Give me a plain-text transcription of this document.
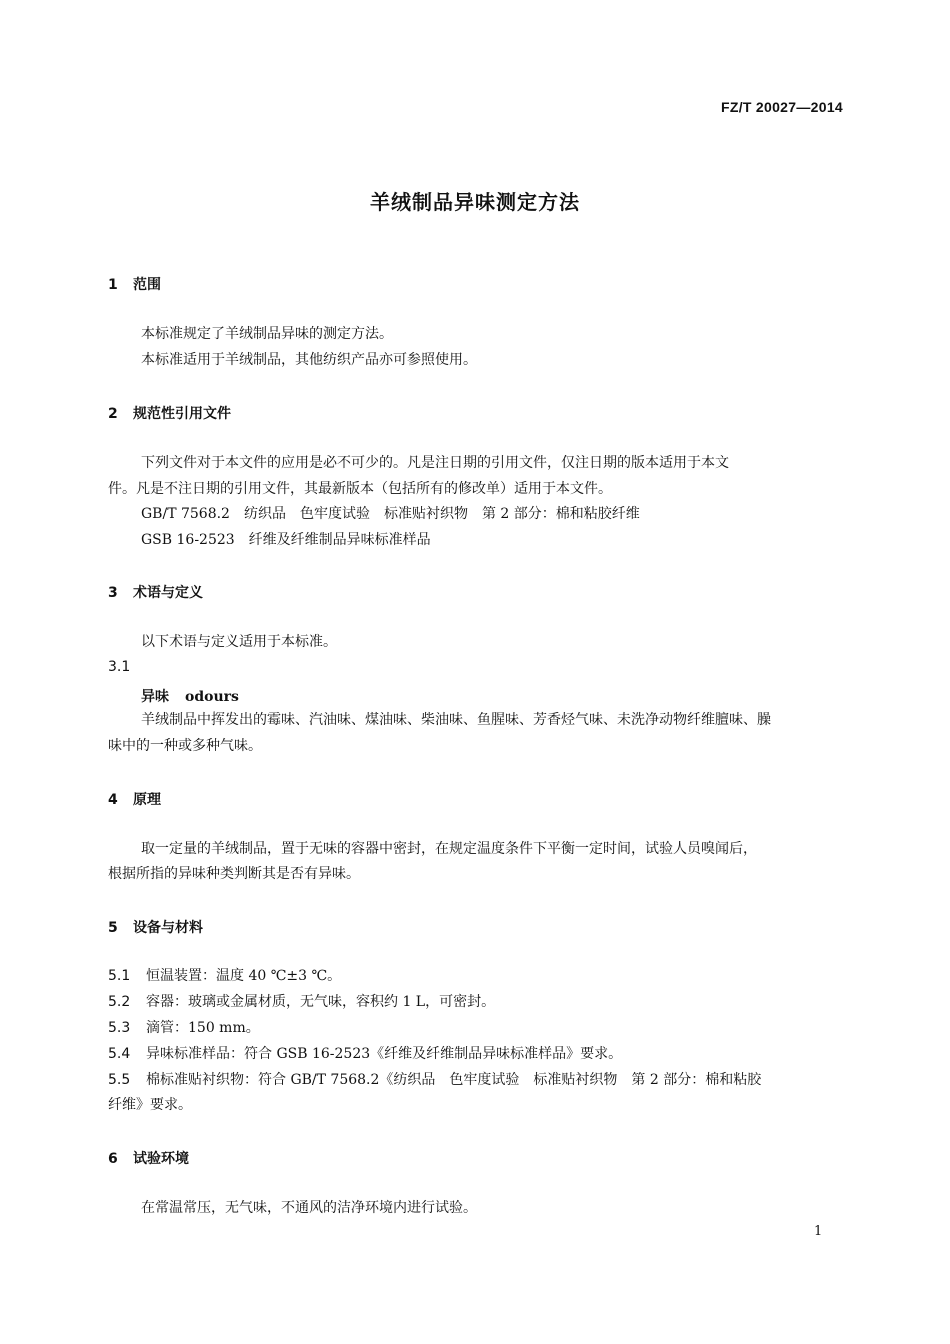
FZ/T 20027—2014
羊绒制品异味测定方法
1 范围
本标准规定了羊绒制品异味的测定方法。
本标准适用于羊绒制品，其他纺织产品亦可参照使用。
2 规范性引用文件
下列文件对于本文件的应用是必不可少的。凡是注日期的引用文件，仅注日期的版本适用于本文
件。凡是不注日期的引用文件，其最新版本（包括所有的修改单）适用于本文件。
GB/T 7568.2　纺织品　色牢度试验　标准贴衬织物　第 2 部分：棉和粘胶纤维
GSB 16-2523　纤维及纤维制品异味标准样品
3 术语与定义
以下术语与定义适用于本标准。
3.1
异味 odours
羊绒制品中挥发出的霉味、汽油味、煤油味、柴油味、鱼腥味、芳香烃气味、未洗净动物纤维膻味、臊
味中的一种或多种气味。
4 原理
取一定量的羊绒制品，置于无味的容器中密封，在规定温度条件下平衡一定时间，试验人员嗅闻后，
根据所指的异味种类判断其是否有异味。
5 设备与材料
5.1 恒温装置：温度 40 ℃±3 ℃。
5.2 容器：玻璃或金属材质，无气味，容积约 1 L，可密封。
5.3 滴管：150 mm。
5.4 异味标准样品：符合 GSB 16-2523《纤维及纤维制品异味标准样品》要求。
5.5 棉标准贴衬织物：符合 GB/T 7568.2《纺织品　色牢度试验　标准贴衬织物　第 2 部分：棉和粘胶
纤维》要求。
6 试验环境
在常温常压，无气味，不通风的洁净环境内进行试验。
1
